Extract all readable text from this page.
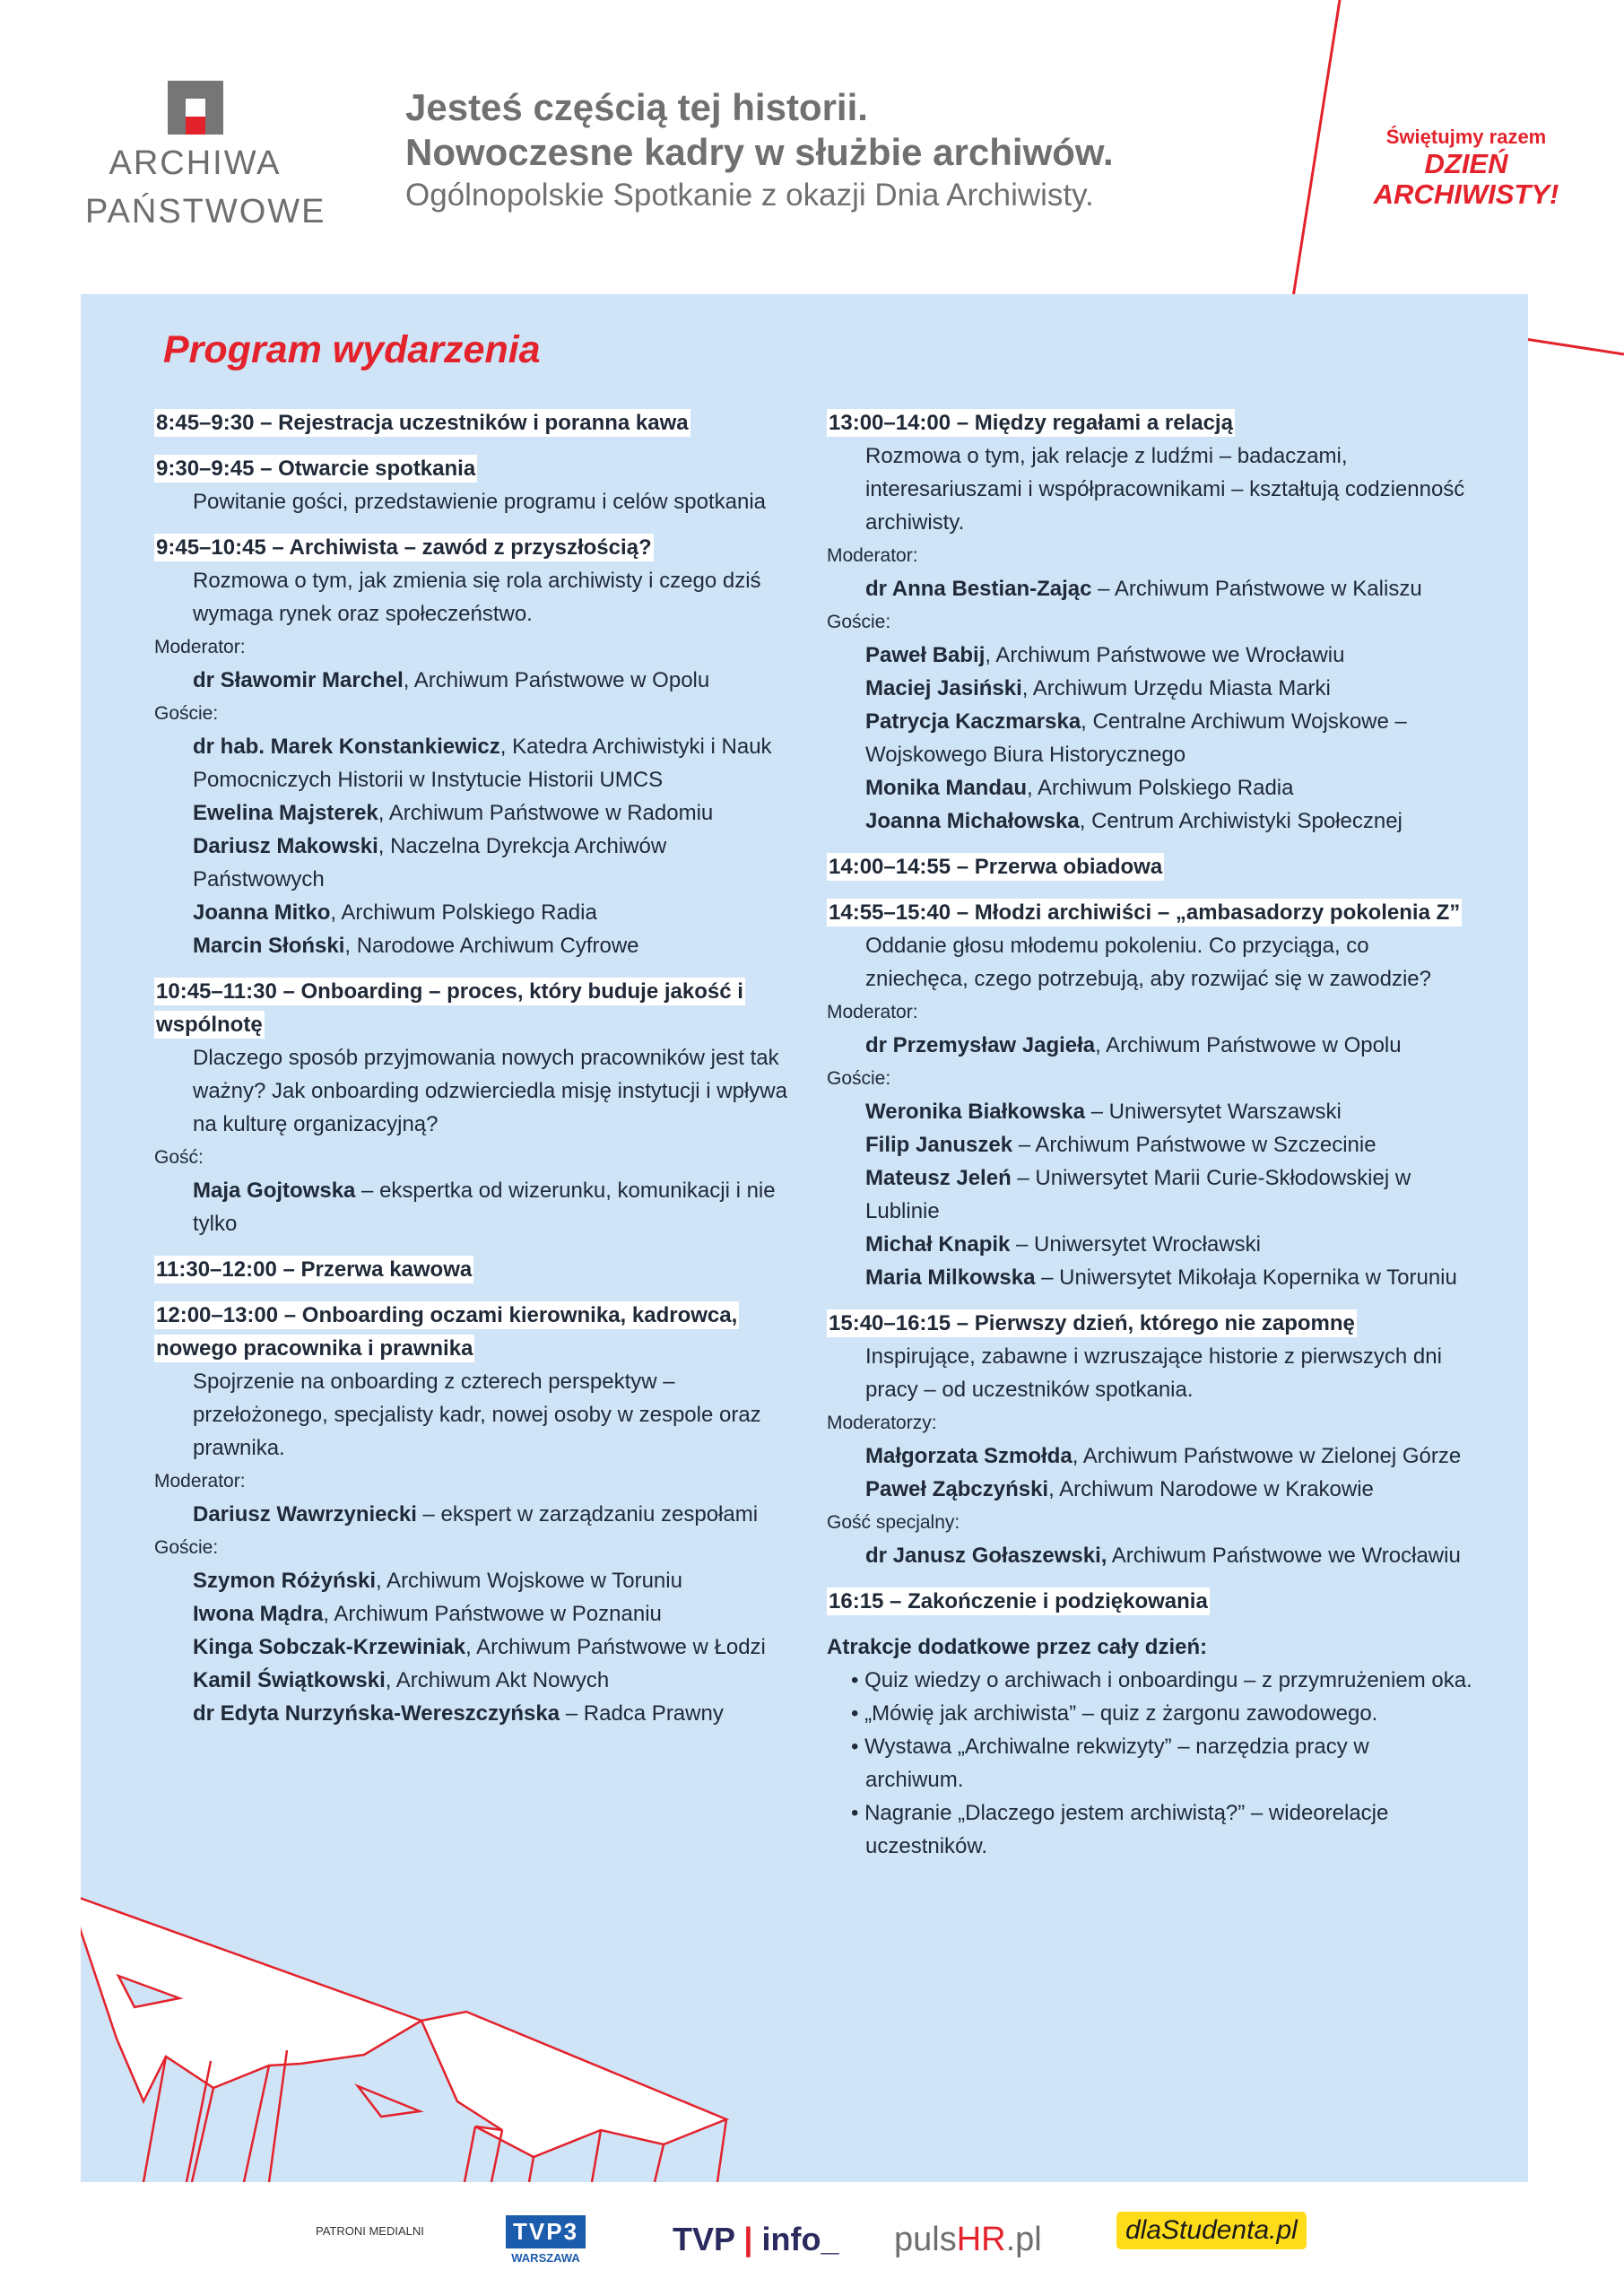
ARCHIWA
PAŃSTWOWE
Jesteś częścią tej historii.
Nowoczesne kadry w służbie archiwów.
Ogólnopolskie Spotkanie z okazji Dnia Archiwisty.
Świętujmy razem
DZIEŃ
ARCHIWISTY!
Program wydarzenia
8:45–9:30 – Rejestracja uczestników i poranna kawa
9:30–9:45 – Otwarcie spotkania
Powitanie gości, przedstawienie programu i celów spotkania
9:45–10:45 – Archiwista – zawód z przyszłością?
Rozmowa o tym, jak zmienia się rola archiwisty i czego dziś wymaga rynek oraz społeczeństwo.
Moderator:
dr Sławomir Marchel, Archiwum Państwowe w Opolu
Goście:
dr hab. Marek Konstankiewicz, Katedra Archiwistyki i Nauk Pomocniczych Historii w Instytucie Historii UMCS
Ewelina Majsterek, Archiwum Państwowe w Radomiu
Dariusz Makowski, Naczelna Dyrekcja Archiwów Państwowych
Joanna Mitko, Archiwum Polskiego Radia
Marcin Słoński, Narodowe Archiwum Cyfrowe
10:45–11:30 – Onboarding – proces, który buduje jakość i wspólnotę
Dlaczego sposób przyjmowania nowych pracowników jest tak ważny? Jak onboarding odzwierciedla misję instytucji i wpływa na kulturę organizacyjną?
Gość:
Maja Gojtowska – ekspertka od wizerunku, komunikacji i nie tylko
11:30–12:00 – Przerwa kawowa
12:00–13:00 – Onboarding oczami kierownika, kadrowca, nowego pracownika i prawnika
Spojrzenie na onboarding z czterech perspektyw – przełożonego, specjalisty kadr, nowej osoby w zespole oraz prawnika.
Moderator:
Dariusz Wawrzyniecki – ekspert w zarządzaniu zespołami
Goście:
Szymon Różyński, Archiwum Wojskowe w Toruniu
Iwona Mądra, Archiwum Państwowe w Poznaniu
Kinga Sobczak-Krzewiniak, Archiwum Państwowe w Łodzi
Kamil Świątkowski, Archiwum Akt Nowych
dr Edyta Nurzyńska-Wereszczyńska – Radca Prawny
13:00–14:00 – Między regałami a relacją
Rozmowa o tym, jak relacje z ludźmi – badaczami, interesariuszami i współpracownikami – kształtują codzienność archiwisty.
Moderator:
dr Anna Bestian-Zając – Archiwum Państwowe w Kaliszu
Goście:
Paweł Babij, Archiwum Państwowe we Wrocławiu
Maciej Jasiński, Archiwum Urzędu Miasta Marki
Patrycja Kaczmarska, Centralne Archiwum Wojskowe – Wojskowego Biura Historycznego
Monika Mandau, Archiwum Polskiego Radia
Joanna Michałowska, Centrum Archiwistyki Społecznej
14:00–14:55 – Przerwa obiadowa
14:55–15:40 – Młodzi archiwiści – „ambasadorzy pokolenia Z”
Oddanie głosu młodemu pokoleniu. Co przyciąga, co zniechęca, czego potrzebują, aby rozwijać się w zawodzie?
Moderator:
dr Przemysław Jagieła, Archiwum Państwowe w Opolu
Goście:
Weronika Białkowska – Uniwersytet Warszawski
Filip Januszek – Archiwum Państwowe w Szczecinie
Mateusz Jeleń – Uniwersytet Marii Curie-Skłodowskiej w Lublinie
Michał Knapik – Uniwersytet Wrocławski
Maria Milkowska – Uniwersytet Mikołaja Kopernika w Toruniu
15:40–16:15 – Pierwszy dzień, którego nie zapomnę
Inspirujące, zabawne i wzruszające historie z pierwszych dni pracy – od uczestników spotkania.
Moderatorzy:
Małgorzata Szmołda, Archiwum Państwowe w Zielonej Górze
Paweł Ząbczyński, Archiwum Narodowe w Krakowie
Gość specjalny:
dr Janusz Gołaszewski, Archiwum Państwowe we Wrocławiu
16:15 – Zakończenie i podziękowania
Atrakcje dodatkowe przez cały dzień:
• Quiz wiedzy o archiwach i onboardingu – z przymrużeniem oka.
• „Mówię jak archiwista” – quiz z żargonu zawodowego.
• Wystawa „Archiwalne rekwizyty” – narzędzia pracy w archiwum.
• Nagranie „Dlaczego jestem archiwistą?” – wideorelacje uczestników.
PATRONI MEDIALNI	TVP3
WARSZAWA
TVP | info_ pulsHR.pl	dlaStudenta.pl
